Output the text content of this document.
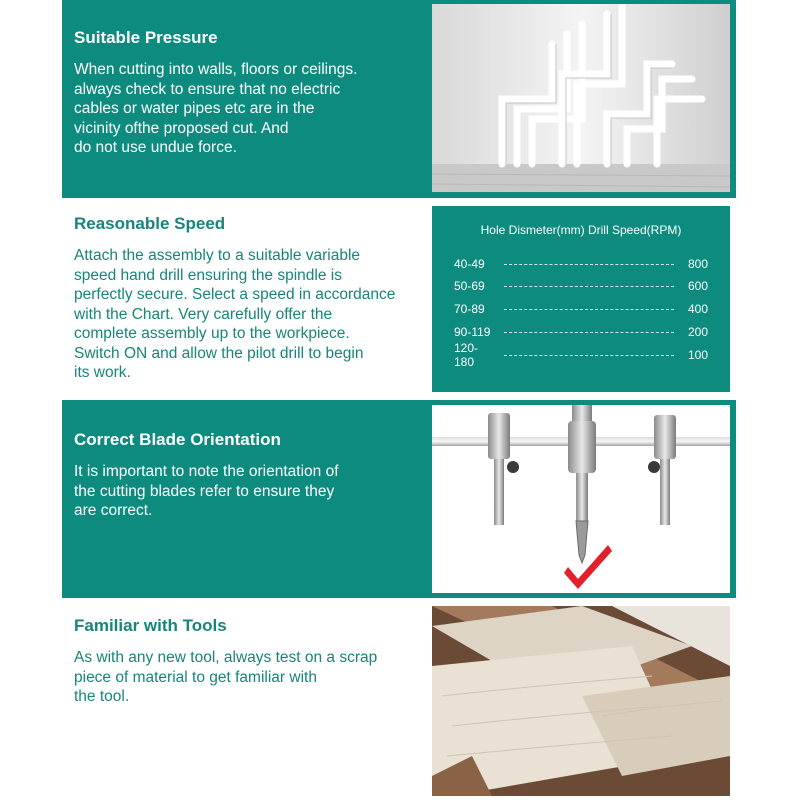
Suitable Pressure

When cutting into walls, floors or ceilings.
always check to ensure that no electric
cables or water pipes etc are in the
vicinity ofthe proposed cut. And
do not use undue force.

Reasonable Speed

Attach the assembly to a suitable variable
speed hand drill ensuring the spindle is
perfectly secure. Select a speed in accordance
with the Chart. Very carefully offer the
complete assembly up to the workpiece.
Switch ON and allow the pilot drill to begin
its work.

Hole Dismeter(mm) Drill Speed(RPM)
40-49	800
50-69	600
70-89	400
90-119	200
120-180	100
Correct Blade Orientation

It is important to note the orientation of
the cutting blades refer to ensure they
are correct.

Familiar with Tools

As with any new tool, always test on a scrap
piece of material to get familiar with
the tool.
